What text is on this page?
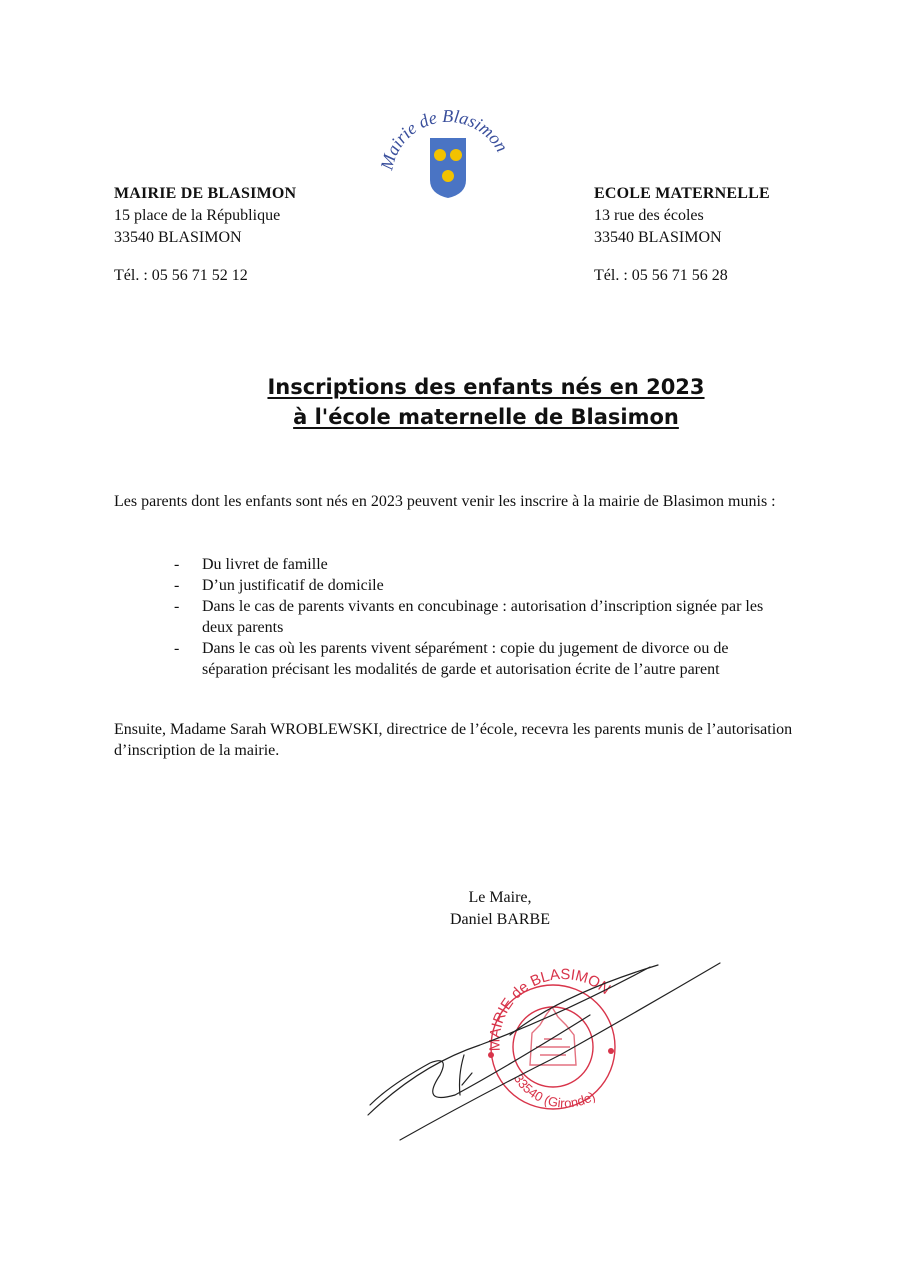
Mairie de Blasimon
MAIRIE DE BLASIMON
15 place de la République
33540 BLASIMON
Tél. : 05 56 71 52 12
ECOLE MATERNELLE
13 rue des écoles
33540 BLASIMON
Tél. : 05 56 71 56 28
Inscriptions des enfants nés en 2023
à l'école maternelle de Blasimon
Les parents dont les enfants sont nés en 2023 peuvent venir les inscrire à la mairie de Blasimon munis :
- Du livret de famille
- D’un justificatif de domicile
- Dans le cas de parents vivants en concubinage : autorisation d’inscription signée par les deux parents
- Dans le cas où les parents vivent séparément : copie du jugement de divorce ou de séparation précisant les modalités de garde et autorisation écrite de l’autre parent
Ensuite, Madame Sarah WROBLEWSKI, directrice de l’école, recevra les parents munis de l’autorisation d’inscription de la mairie.
Le Maire,
Daniel BARBE
MAIRIE de BLASIMON
33540 (Gironde)
